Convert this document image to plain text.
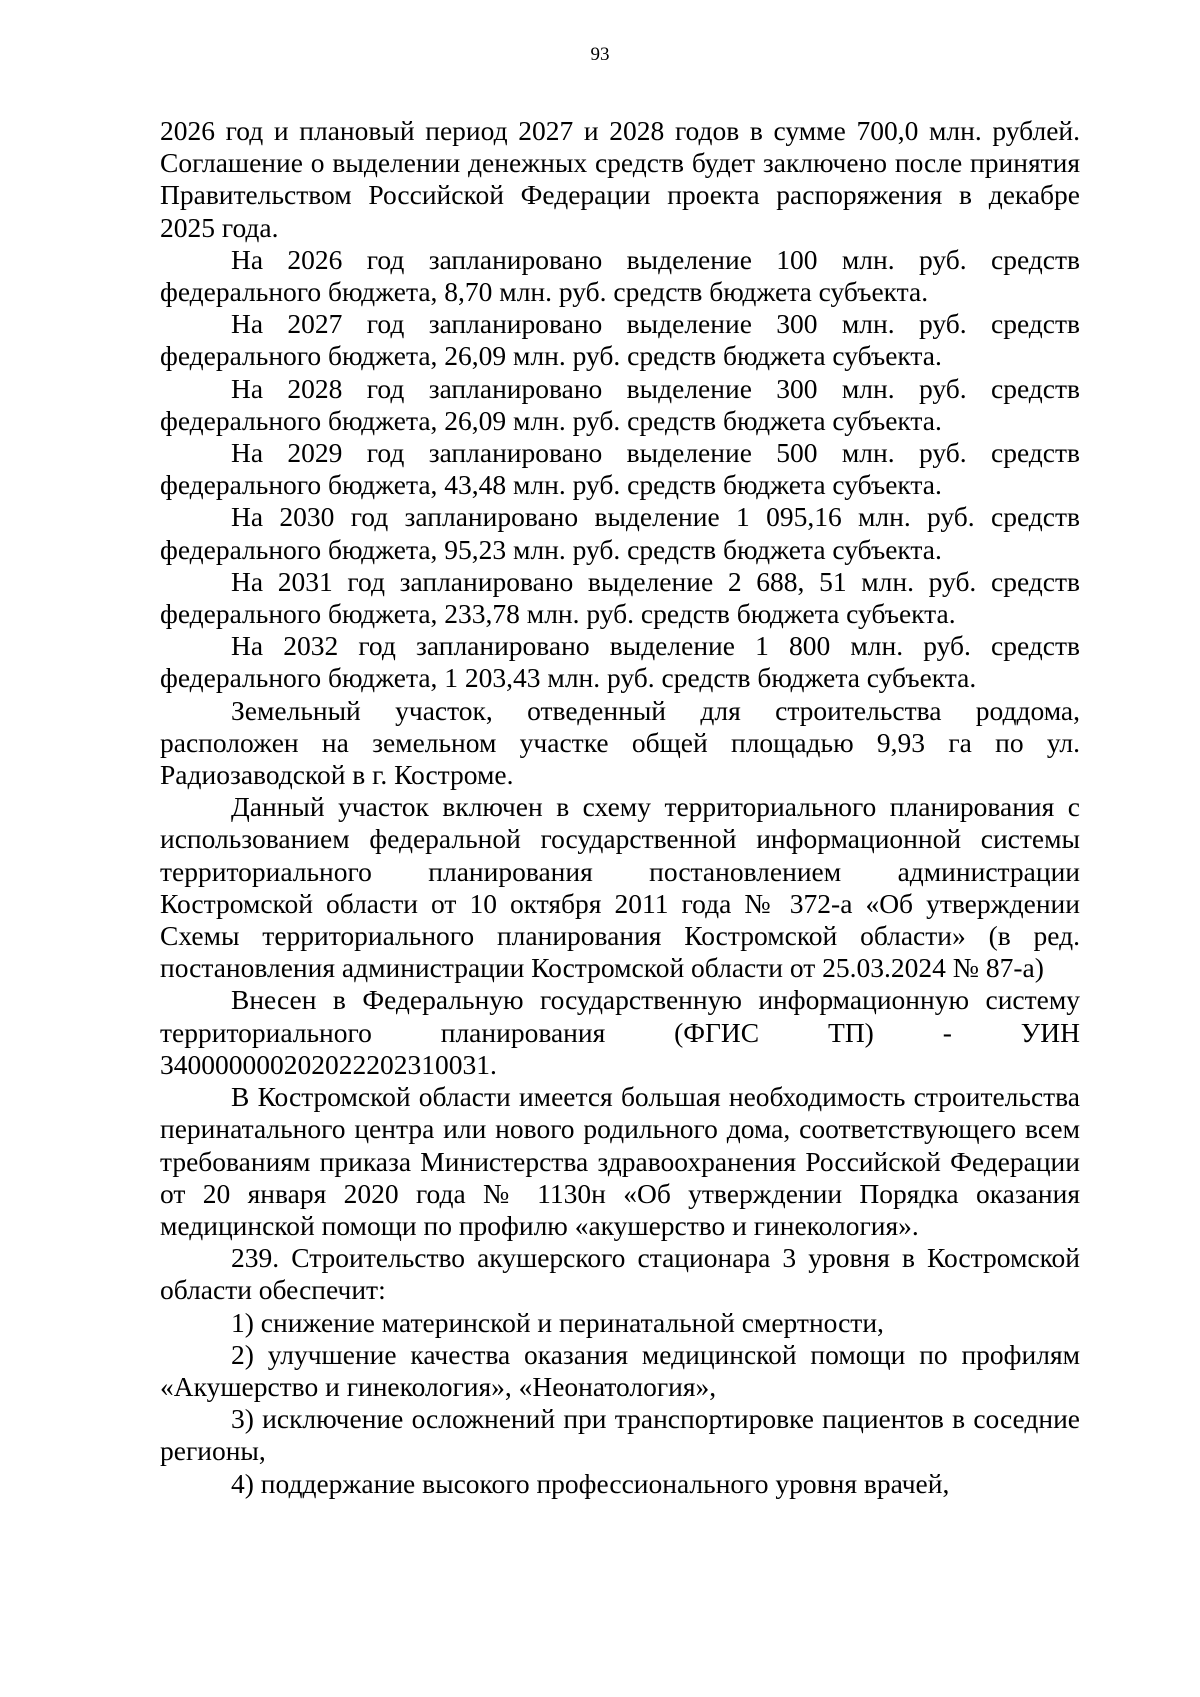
93

2026 год и плановый период 2027 и 2028 годов в сумме 700,0 млн. рублей. Соглашение о выделении денежных средств будет заключено после принятия Правительством Российской Федерации проекта распоряжения в декабре 2025 года.

На 2026 год запланировано выделение 100 млн. руб. средств федерального бюджета, 8,70 млн. руб. средств бюджета субъекта.

На 2027 год запланировано выделение 300 млн. руб. средств федерального бюджета, 26,09 млн. руб. средств бюджета субъекта.

На 2028 год запланировано выделение 300 млн. руб. средств федерального бюджета, 26,09 млн. руб. средств бюджета субъекта.

На 2029 год запланировано выделение 500 млн. руб. средств федерального бюджета, 43,48 млн. руб. средств бюджета субъекта.

На 2030 год запланировано выделение 1 095,16 млн. руб. средств федерального бюджета, 95,23 млн. руб. средств бюджета субъекта.

На 2031 год запланировано выделение 2 688, 51 млн. руб. средств федерального бюджета, 233,78 млн. руб. средств бюджета субъекта.

На 2032 год запланировано выделение 1 800 млн. руб. средств федерального бюджета, 1 203,43 млн. руб. средств бюджета субъекта.

Земельный участок, отведенный для строительства роддома, расположен на земельном участке общей площадью 9,93 га по ул. Радиозаводской в г. Костроме.

Данный участок включен в схему территориального планирования с использованием федеральной государственной информационной системы территориального планирования постановлением администрации Костромской области от 10 октября 2011 года № 372-а «Об утверждении Схемы территориального планирования Костромской области» (в ред. постановления администрации Костромской области от 25.03.2024 № 87-а)

Внесен в Федеральную государственную информационную систему территориального планирования (ФГИС ТП) - УИН 340000000202022202310031.

В Костромской области имеется большая необходимость строительства перинатального центра или нового родильного дома, соответствующего всем требованиям приказа Министерства здравоохранения Российской Федерации от 20 января 2020 года № 1130н «Об утверждении Порядка оказания медицинской помощи по профилю «акушерство и гинекология».

239. Строительство акушерского стационара 3 уровня в Костромской области обеспечит:

1) снижение материнской и перинатальной смертности,

2) улучшение качества оказания медицинской помощи по профилям «Акушерство и гинекология», «Неонатология»,

3) исключение осложнений при транспортировке пациентов в соседние регионы,

4) поддержание высокого профессионального уровня врачей,
